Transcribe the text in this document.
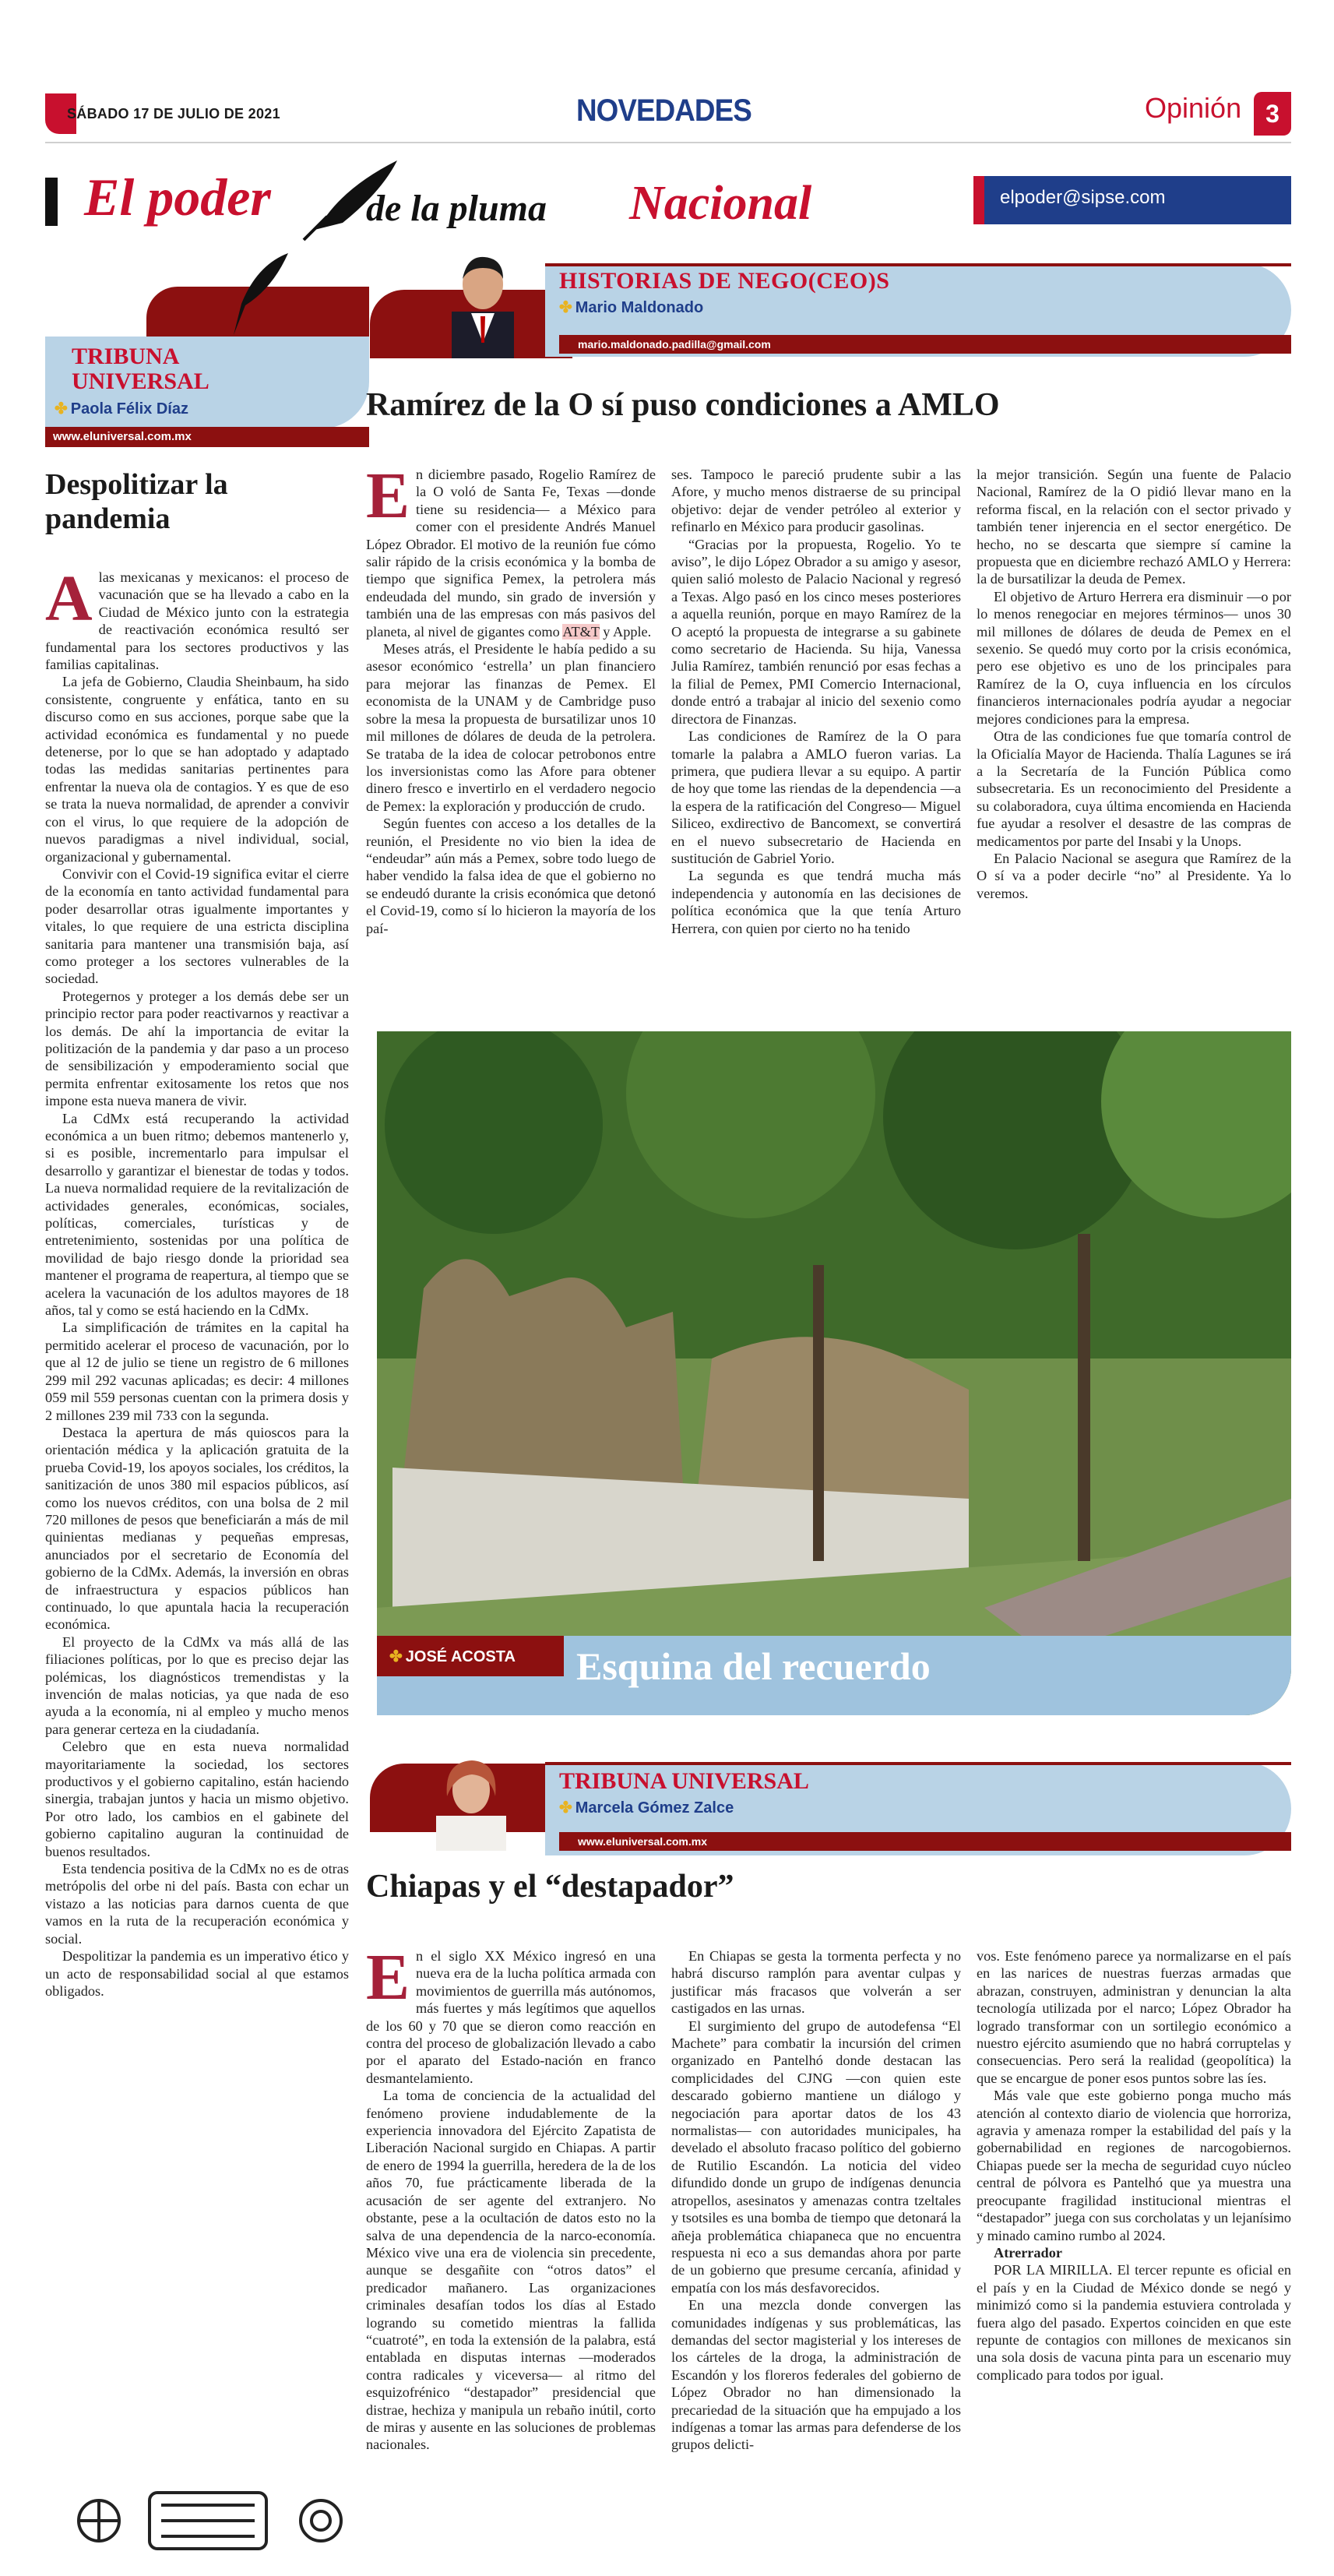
SÁBADO 17 DE JULIO DE 2021	NOVEDADES	Opinión 3
El poder	de la pluma Nacional	elpoder@sipse.com
TRIBUNA UNIVERSAL
✤ Paola Félix Díaz
www.eluniversal.com.mx
Despolitizar la pandemia

Alas mexicanas y mexicanos: el proceso de vacunación que se ha llevado a cabo en la Ciudad de México junto con la estrategia de reactivación económica resultó ser fundamental para los sectores productivos y las familias capitalinas.

La jefa de Gobierno, Claudia Sheinbaum, ha sido consistente, congruente y enfática, tanto en su discurso como en sus acciones, porque sabe que la actividad económica es fundamental y no puede detenerse, por lo que se han adoptado y adaptado todas las medidas sanitarias pertinentes para enfrentar la nueva ola de contagios. Y es que de eso se trata la nueva normalidad, de aprender a convivir con el virus, lo que requiere de la adopción de nuevos paradigmas a nivel individual, social, organizacional y gubernamental.

Convivir con el Covid-19 significa evitar el cierre de la economía en tanto actividad fundamental para poder desarrollar otras igualmente importantes y vitales, lo que requiere de una estricta disciplina sanitaria para mantener una transmisión baja, así como proteger a los sectores vulnerables de la sociedad.

Protegernos y proteger a los demás debe ser un principio rector para poder reactivarnos y reactivar a los demás. De ahí la importancia de evitar la politización de la pandemia y dar paso a un proceso de sensibilización y empoderamiento social que permita enfrentar exitosamente los retos que nos impone esta nueva manera de vivir.

La CdMx está recuperando la actividad económica a un buen ritmo; debemos mantenerlo y, si es posible, incrementarlo para impulsar el desarrollo y garantizar el bienestar de todas y todos. La nueva normalidad requiere de la revitalización de actividades generales, económicas, sociales, políticas, comerciales, turísticas y de entretenimiento, sostenidas por una política de movilidad de bajo riesgo donde la prioridad sea mantener el programa de reapertura, al tiempo que se acelera la vacunación de los adultos mayores de 18 años, tal y como se está haciendo en la CdMx.

La simplificación de trámites en la capital ha permitido acelerar el proceso de vacunación, por lo que al 12 de julio se tiene un registro de 6 millones 299 mil 292 vacunas aplicadas; es decir: 4 millones 059 mil 559 personas cuentan con la primera dosis y 2 millones 239 mil 733 con la segunda.

Destaca la apertura de más quioscos para la orientación médica y la aplicación gratuita de la prueba Covid-19, los apoyos sociales, los créditos, la sanitización de unos 380 mil espacios públicos, así como los nuevos créditos, con una bolsa de 2 mil 720 millones de pesos que beneficiarán a más de mil quinientas medianas y pequeñas empresas, anunciados por el secretario de Economía del gobierno de la CdMx. Además, la inversión en obras de infraestructura y espacios públicos han continuado, lo que apuntala hacia la recuperación económica.

El proyecto de la CdMx va más allá de las filiaciones políticas, por lo que es preciso dejar las polémicas, los diagnósticos tremendistas y la invención de malas noticias, ya que nada de eso ayuda a la economía, ni al empleo y mucho menos para generar certeza en la ciudadanía.

Celebro que en esta nueva normalidad mayoritariamente la sociedad, los sectores productivos y el gobierno capitalino, están haciendo sinergia, trabajan juntos y hacia un mismo objetivo. Por otro lado, los cambios en el gabinete del gobierno capitalino auguran la continuidad de buenos resultados.

Esta tendencia positiva de la CdMx no es de otras metrópolis del orbe ni del país. Basta con echar un vistazo a las noticias para darnos cuenta de que vamos en la ruta de la recuperación económica y social.

Despolitizar la pandemia es un imperativo ético y un acto de responsabilidad social al que estamos obligados.

HISTORIAS DE NEGO(CEO)S
✤ Mario Maldonado
mario.maldonado.padilla@gmail.com
Ramírez de la O sí puso condiciones a AMLO

En diciembre pasado, Rogelio Ramírez de la O voló de Santa Fe, Texas —donde tiene su residencia— a México para comer con el presidente Andrés Manuel López Obrador. El motivo de la reunión fue cómo salir rápido de la crisis económica y la bomba de tiempo que significa Pemex, la petrolera más endeudada del mundo, sin grado de inversión y también una de las empresas con más pasivos del planeta, al nivel de gigantes como AT&T y Apple.

Meses atrás, el Presidente le había pedido a su asesor económico ‘estrella’ un plan financiero para mejorar las finanzas de Pemex. El economista de la UNAM y de Cambridge puso sobre la mesa la propuesta de bursatilizar unos 10 mil millones de dólares de deuda de la petrolera. Se trataba de la idea de colocar petrobonos entre los inversionistas como las Afore para obtener dinero fresco e invertirlo en el verdadero negocio de Pemex: la exploración y producción de crudo.

Según fuentes con acceso a los detalles de la reunión, el Presidente no vio bien la idea de “endeudar” aún más a Pemex, sobre todo luego de haber vendido la falsa idea de que el gobierno no se endeudó durante la crisis económica que detonó el Covid-19, como sí lo hicieron la mayoría de los paí-

ses. Tampoco le pareció prudente subir a las Afore, y mucho menos distraerse de su principal objetivo: dejar de vender petróleo al exterior y refinarlo en México para producir gasolinas.

“Gracias por la propuesta, Rogelio. Yo te aviso”, le dijo López Obrador a su amigo y asesor, quien salió molesto de Palacio Nacional y regresó a Texas. Algo pasó en los cinco meses posteriores a aquella reunión, porque en mayo Ramírez de la O aceptó la propuesta de integrarse a su gabinete como secretario de Hacienda. Su hija, Vanessa Julia Ramírez, también renunció por esas fechas a la filial de Pemex, PMI Comercio Internacional, donde entró a trabajar al inicio del sexenio como directora de Finanzas.

Las condiciones de Ramírez de la O para tomarle la palabra a AMLO fueron varias. La primera, que pudiera llevar a su equipo. A partir de hoy que tome las riendas de la dependencia —a la espera de la ratificación del Congreso— Miguel Siliceo, exdirectivo de Bancomext, se convertirá en el nuevo subsecretario de Hacienda en sustitución de Gabriel Yorio.

La segunda es que tendrá mucha más independencia y autonomía en las decisiones de política económica que la que tenía Arturo Herrera, con quien por cierto no ha tenido

la mejor transición. Según una fuente de Palacio Nacional, Ramírez de la O pidió llevar mano en la reforma fiscal, en la relación con el sector privado y también tener injerencia en el sector energético. De hecho, no se descarta que siempre sí camine la propuesta que en diciembre rechazó AMLO y Herrera: la de bursatilizar la deuda de Pemex.

El objetivo de Arturo Herrera era disminuir —o por lo menos renegociar en mejores términos— unos 30 mil millones de dólares de deuda de Pemex en el sexenio. Se quedó muy corto por la crisis económica, pero ese objetivo es uno de los principales para Ramírez de la O, cuya influencia en los círculos financieros internacionales podría ayudar a negociar mejores condiciones para la empresa.

Otra de las condiciones fue que tomaría control de la Oficialía Mayor de Hacienda. Thalía Lagunes se irá a la Secretaría de la Función Pública como subsecretaria. Es un reconocimiento del Presidente a su colaboradora, cuya última encomienda en Hacienda fue ayudar a resolver el desastre de las compras de medicamentos por parte del Insabi y la Unops.

En Palacio Nacional se asegura que Ramírez de la O sí va a poder decirle “no” al Presidente. Ya lo veremos.

✤ JOSÉ ACOSTA Esquina del recuerdo
TRIBUNA UNIVERSAL
✤ Marcela Gómez Zalce
www.eluniversal.com.mx
Chiapas y el “destapador”

En el siglo XX México ingresó en una nueva era de la lucha política armada con movimientos de guerrilla más autónomos, más fuertes y más legítimos que aquellos de los 60 y 70 que se dieron como reacción en contra del proceso de globalización llevado a cabo por el aparato del Estado-nación en franco desmantelamiento.

La toma de conciencia de la actualidad del fenómeno proviene indudablemente de la experiencia innovadora del Ejército Zapatista de Liberación Nacional surgido en Chiapas. A partir de enero de 1994 la guerrilla, heredera de la de los años 70, fue prácticamente liberada de la acusación de ser agente del extranjero. No obstante, pese a la ocultación de datos esto no la salva de una dependencia de la narco-economía. México vive una era de violencia sin precedente, aunque se desgañite con “otros datos” el predicador mañanero. Las organizaciones criminales desafían todos los días al Estado logrando su cometido mientras la fallida “cuatroté”, en toda la extensión de la palabra, está entablada en disputas internas —moderados contra radicales y viceversa— al ritmo del esquizofrénico “destapador” presidencial que distrae, hechiza y manipula un rebaño inútil, corto de miras y ausente en las soluciones de problemas nacionales.

En Chiapas se gesta la tormenta perfecta y no habrá discurso ramplón para aventar culpas y justificar más fracasos que volverán a ser castigados en las urnas.

El surgimiento del grupo de autodefensa “El Machete” para combatir la incursión del crimen organizado en Pantelhó donde destacan las complicidades del CJNG —con quien este descarado gobierno mantiene un diálogo y negociación para aportar datos de los 43 normalistas— con autoridades municipales, ha develado el absoluto fracaso político del gobierno de Rutilio Escandón. La noticia del video difundido donde un grupo de indígenas denuncia atropellos, asesinatos y amenazas contra tzeltales y tsotsiles es una bomba de tiempo que detonará la añeja problemática chiapaneca que no encuentra respuesta ni eco a sus demandas ahora por parte de un gobierno que presume cercanía, afinidad y empatía con los más desfavorecidos.

En una mezcla donde convergen las comunidades indígenas y sus problemáticas, las demandas del sector magisterial y los intereses de los cárteles de la droga, la administración de Escandón y los floreros federales del gobierno de López Obrador no han dimensionado la precariedad de la situación que ha empujado a los indígenas a tomar las armas para defenderse de los grupos delicti-

vos. Este fenómeno parece ya normalizarse en el país en las narices de nuestras fuerzas armadas que abrazan, construyen, administran y denuncian la alta tecnología utilizada por el narco; López Obrador ha logrado transformar con un sortilegio económico a nuestro ejército asumiendo que no habrá corruptelas y consecuencias. Pero será la realidad (geopolítica) la que se encargue de poner esos puntos sobre las íes.

Más vale que este gobierno ponga mucho más atención al contexto diario de violencia que horroriza, agravia y amenaza romper la estabilidad del país y la gobernabilidad en regiones de narcogobiernos. Chiapas puede ser la mecha de seguridad cuyo núcleo central de pólvora es Pantelhó que ya muestra una preocupante fragilidad institucional mientras el “destapador” juega con sus corcholatas y un lejanísimo y minado camino rumbo al 2024.

Atrerrador

POR LA MIRILLA. El tercer repunte es oficial en el país y en la Ciudad de México donde se negó y minimizó como si la pandemia estuviera controlada y fuera algo del pasado. Expertos coinciden en que este repunte de contagios con millones de mexicanos sin una sola dosis de vacuna pinta para un escenario muy complicado para todos por igual.
